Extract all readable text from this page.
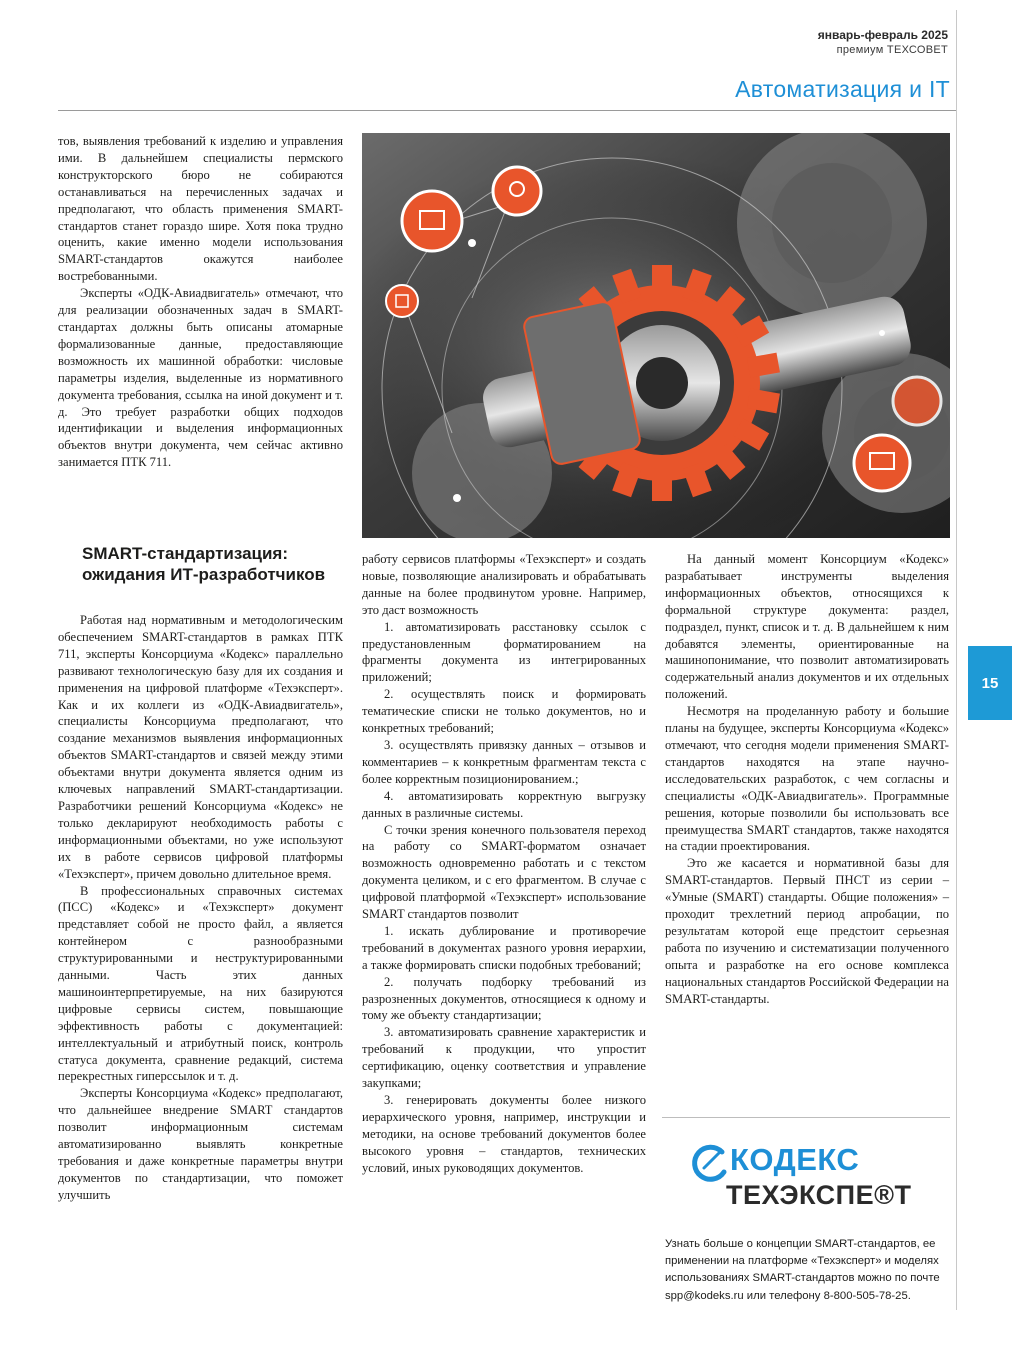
январь-февраль 2025
премиум ТЕХСОВЕТ
Автоматизация и IT
15

тов, выявления требований к изделию и управления ими. В дальнейшем специалисты пермского конструкторского бюро не собираются останавливаться на перечисленных задачах и предполагают, что область применения SMART-стандартов станет гораздо шире. Хотя пока трудно оценить, какие именно модели использования SMART-стандартов окажутся наиболее востребованными.

Эксперты «ОДК-Авиадвигатель» отмечают, что для реализации обозначенных задач в SMART-стандартах должны быть описаны атомарные формализованные данные, предоставляющие возможность их машинной обработки: числовые параметры изделия, выделенные из нормативного документа требования, ссылка на иной документ и т. д. Это требует разработки общих подходов идентификации и выделения информационных объектов внутри документа, чем сейчас активно занимается ПТК 711.

SMART-стандартизация: ожидания ИТ-разработчиков

Работая над нормативным и методологическим обеспечением SMART-стандартов в рамках ПТК 711, эксперты Консорциума «Кодекс» параллельно развивают технологическую базу для их создания и применения на цифровой платформе «Техэксперт». Как и их коллеги из «ОДК-Авиадвигатель», специалисты Консорциума предполагают, что создание механизмов выявления информационных объектов SMART-стандартов и связей между этими объектами внутри документа является одним из ключевых направлений SMART-стандартизации. Разработчики решений Консорциума «Кодекс» не только декларируют необходимость работы с информационными объектами, но уже используют их в работе сервисов цифровой платформы «Техэксперт», причем довольно длительное время.

В профессиональных справочных системах (ПСС) «Кодекс» и «Техэксперт» документ представляет собой не просто файл, а является контейнером с разнообразными структурированными и неструктурированными данными. Часть этих данных машиноинтерпретируемые, на них базируются цифровые сервисы систем, повышающие эффективность работы с документацией: интеллектуальный и атрибутный поиск, контроль статуса документа, сравнение редакций, система перекрестных гиперссылок и т. д.

Эксперты Консорциума «Кодекс» предполагают, что дальнейшее внедрение SMART стандартов позволит информационным системам автоматизированно выявлять конкретные требования и даже конкретные параметры внутри документов по стандартизации, что поможет улучшить

работу сервисов платформы «Техэксперт» и создать новые, позволяющие анализировать и обрабатывать данные на более продвинутом уровне. Например, это даст возможность

1. автоматизировать расстановку ссылок с предустановленным форматированием на фрагменты документа из интегрированных приложений;

2. осуществлять поиск и формировать тематические списки не только документов, но и конкретных требований;

3. осуществлять привязку данных – отзывов и комментариев – к конкретным фрагментам текста с более корректным позиционированием.;

4. автоматизировать корректную выгрузку данных в различные системы.

С точки зрения конечного пользователя переход на работу со SMART-форматом означает возможность одновременно работать и с текстом документа целиком, и с его фрагментом. В случае с цифровой платформой «Техэксперт» использование SMART стандартов позволит

1. искать дублирование и противоречие требований в документах разного уровня иерархии, а также формировать списки подобных требований;

2. получать подборку требований из разрозненных документов, относящиеся к одному и тому же объекту стандартизации;

3. автоматизировать сравнение характеристик и требований к продукции, что упростит сертификацию, оценку соответствия и управление закупками;

3. генерировать документы более низкого иерархического уровня, например, инструкции и методики, на основе требований документов более высокого уровня – стандартов, технических условий, иных руководящих документов.

На данный момент Консорциум «Кодекс» разрабатывает инструменты выделения информационных объектов, относящихся к формальной структуре документа: раздел, подраздел, пункт, список и т. д. В дальнейшем к ним добавятся элементы, ориентированные на машинопонимание, что позволит автоматизировать содержательный анализ документов и их отдельных положений.

Несмотря на проделанную работу и большие планы на будущее, эксперты Консорциума «Кодекс» отмечают, что сегодня модели применения SMART-стандартов находятся на этапе научно-исследовательских разработок, с чем согласны и специалисты «ОДК-Авиадвигатель». Программные решения, которые позволили бы использовать все преимущества SMART стандартов, также находятся на стадии проектирования.

Это же касается и нормативной базы для SMART-стандартов. Первый ПНСТ из серии – «Умные (SMART) стандарты. Общие положения» – проходит трехлетний период апробации, по результатам которой еще предстоит серьезная работа по изучению и систематизации полученного опыта и разработке на его основе комплекса национальных стандартов Российской Федерации на SMART-стандарты.

КОДЕКС
ТЕХЭКСПЕ®Т
Узнать больше о концепции SMART-стандартов, ее применении на платформе «Техэксперт» и моделях использованиях SMART-стандартов можно по почте spp@kodeks.ru или телефону 8-800-505-78-25.
